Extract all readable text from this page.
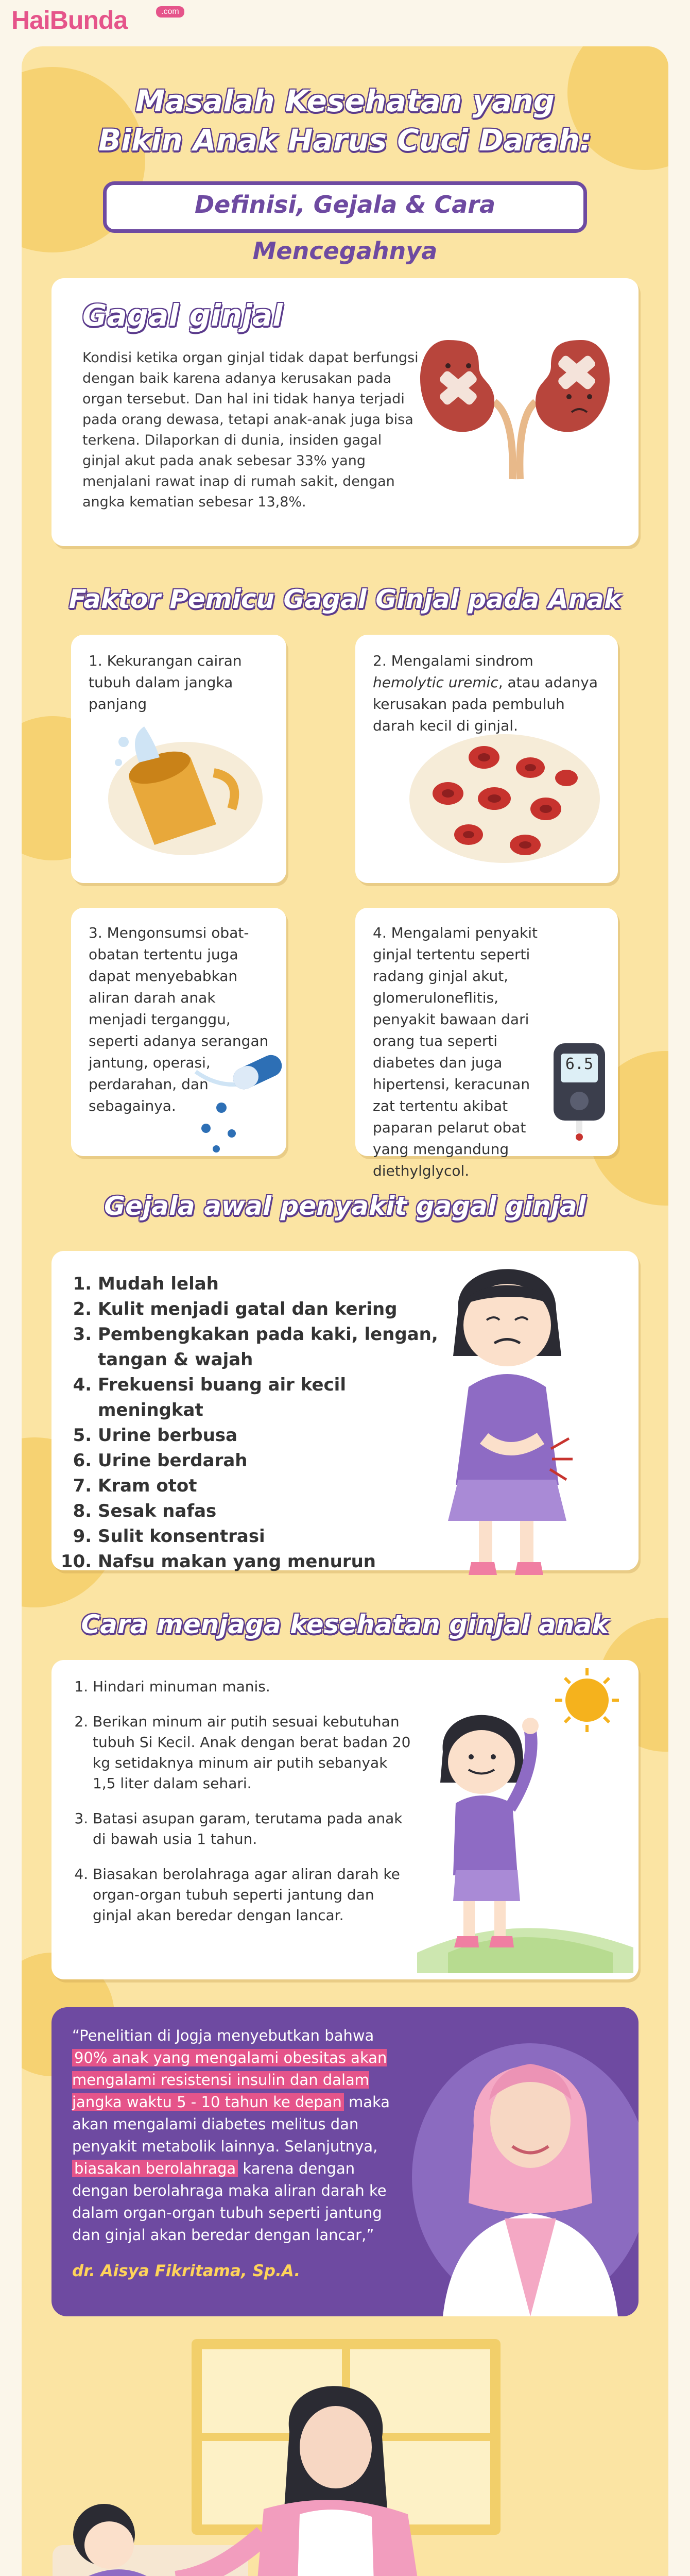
HaiBunda	.com
Masalah Kesehatan yang
Bikin Anak Harus Cuci Darah:
Definisi, Gejala & Cara Mencegahnya
Gagal ginjal
Kondisi ketika organ ginjal tidak dapat berfungsi dengan baik karena adanya kerusakan pada organ tersebut. Dan hal ini tidak hanya terjadi pada orang dewasa, tetapi anak-anak juga bisa terkena. Dilaporkan di dunia, insiden gagal ginjal akut pada anak sebesar 33% yang menjalani rawat inap di rumah sakit, dengan angka kematian sebesar 13,8%.
Faktor Pemicu Gagal Ginjal pada Anak
1. Kekurangan cairan tubuh dalam jangka panjang
2. Mengalami sindrom hemolytic uremic, atau adanya kerusakan pada pembuluh darah kecil di ginjal.
3. Mengonsumsi obat-obatan tertentu juga dapat menyebabkan aliran darah anak menjadi terganggu, seperti adanya serangan jantung, operasi, perdarahan, dan sebagainya.
4. Mengalami penyakit ginjal tertentu seperti radang ginjal akut, glomeruloneflitis, penyakit bawaan dari orang tua seperti diabetes dan juga hipertensi, keracunan zat tertentu akibat paparan pelarut obat yang mengandung diethylglycol.
6.5
Gejala awal penyakit gagal ginjal
1. Mudah lelah
2. Kulit menjadi gatal dan kering
3. Pembengkakan pada kaki, lengan, tangan & wajah
4. Frekuensi buang air kecil meningkat
5. Urine berbusa
6. Urine berdarah
7. Kram otot
8. Sesak nafas
9. Sulit konsentrasi
10. Nafsu makan yang menurun
Cara menjaga kesehatan ginjal anak
1. Hindari minuman manis.
2. Berikan minum air putih sesuai kebutuhan tubuh Si Kecil. Anak dengan berat badan 20 kg setidaknya minum air putih sebanyak 1,5 liter dalam sehari.
3. Batasi asupan garam, terutama pada anak di bawah usia 1 tahun.
4. Biasakan berolahraga agar aliran darah ke organ-organ tubuh seperti jantung dan ginjal akan beredar dengan lancar.
“Penelitian di Jogja menyebutkan bahwa 90% anak yang mengalami obesitas akan mengalami resistensi insulin dan dalam jangka waktu 5 - 10 tahun ke depan maka akan mengalami diabetes melitus dan penyakit metabolik lainnya. Selanjutnya, biasakan berolahraga karena dengan dengan berolahraga maka aliran darah ke dalam organ-organ tubuh seperti jantung dan ginjal akan beredar dengan lancar,”
dr. Aisya Fikritama, Sp.A.
